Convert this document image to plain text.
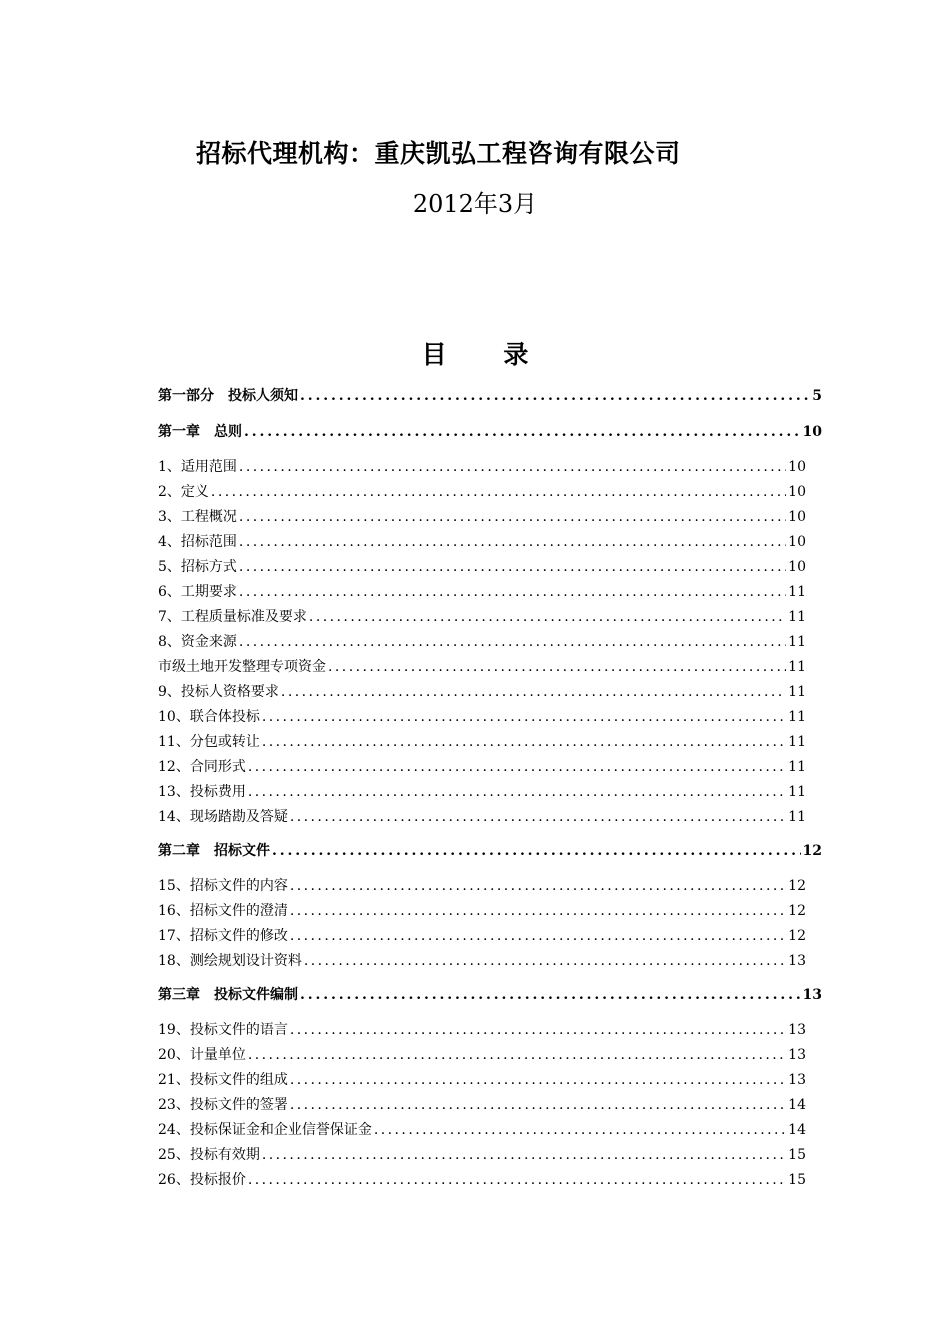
招标代理机构：重庆凯弘工程咨询有限公司
2012年3月
目 录
第一部分　投标人须知 . . .	5
第一章　总则 . . .	10
1、适用范围 . . .	10
2、定义 . . .	10
3、工程概况 . . .	10
4、招标范围 . . .	10
5、招标方式 . . .	10
6、工期要求 . . .	11
7、工程质量标准及要求 . . .	11
8、资金来源 . . .	11
市级土地开发整理专项资金 . . .	11
9、投标人资格要求 . . .	11
10、联合体投标 . . .	11
11、分包或转让 . . .	11
12、合同形式 . . .	11
13、投标费用 . . .	11
14、现场踏勘及答疑 . . .	11
第二章　招标文件 . . .	12
15、招标文件的内容 . . .	12
16、招标文件的澄清 . . .	12
17、招标文件的修改 . . .	12
18、测绘规划设计资料 . . .	13
第三章　投标文件编制 . . .	13
19、投标文件的语言 . . .	13
20、计量单位 . . .	13
21、投标文件的组成 . . .	13
23、投标文件的签署 . . .	14
24、投标保证金和企业信誉保证金 . . .	14
25、投标有效期 . . .	15
26、投标报价 . . .	15
